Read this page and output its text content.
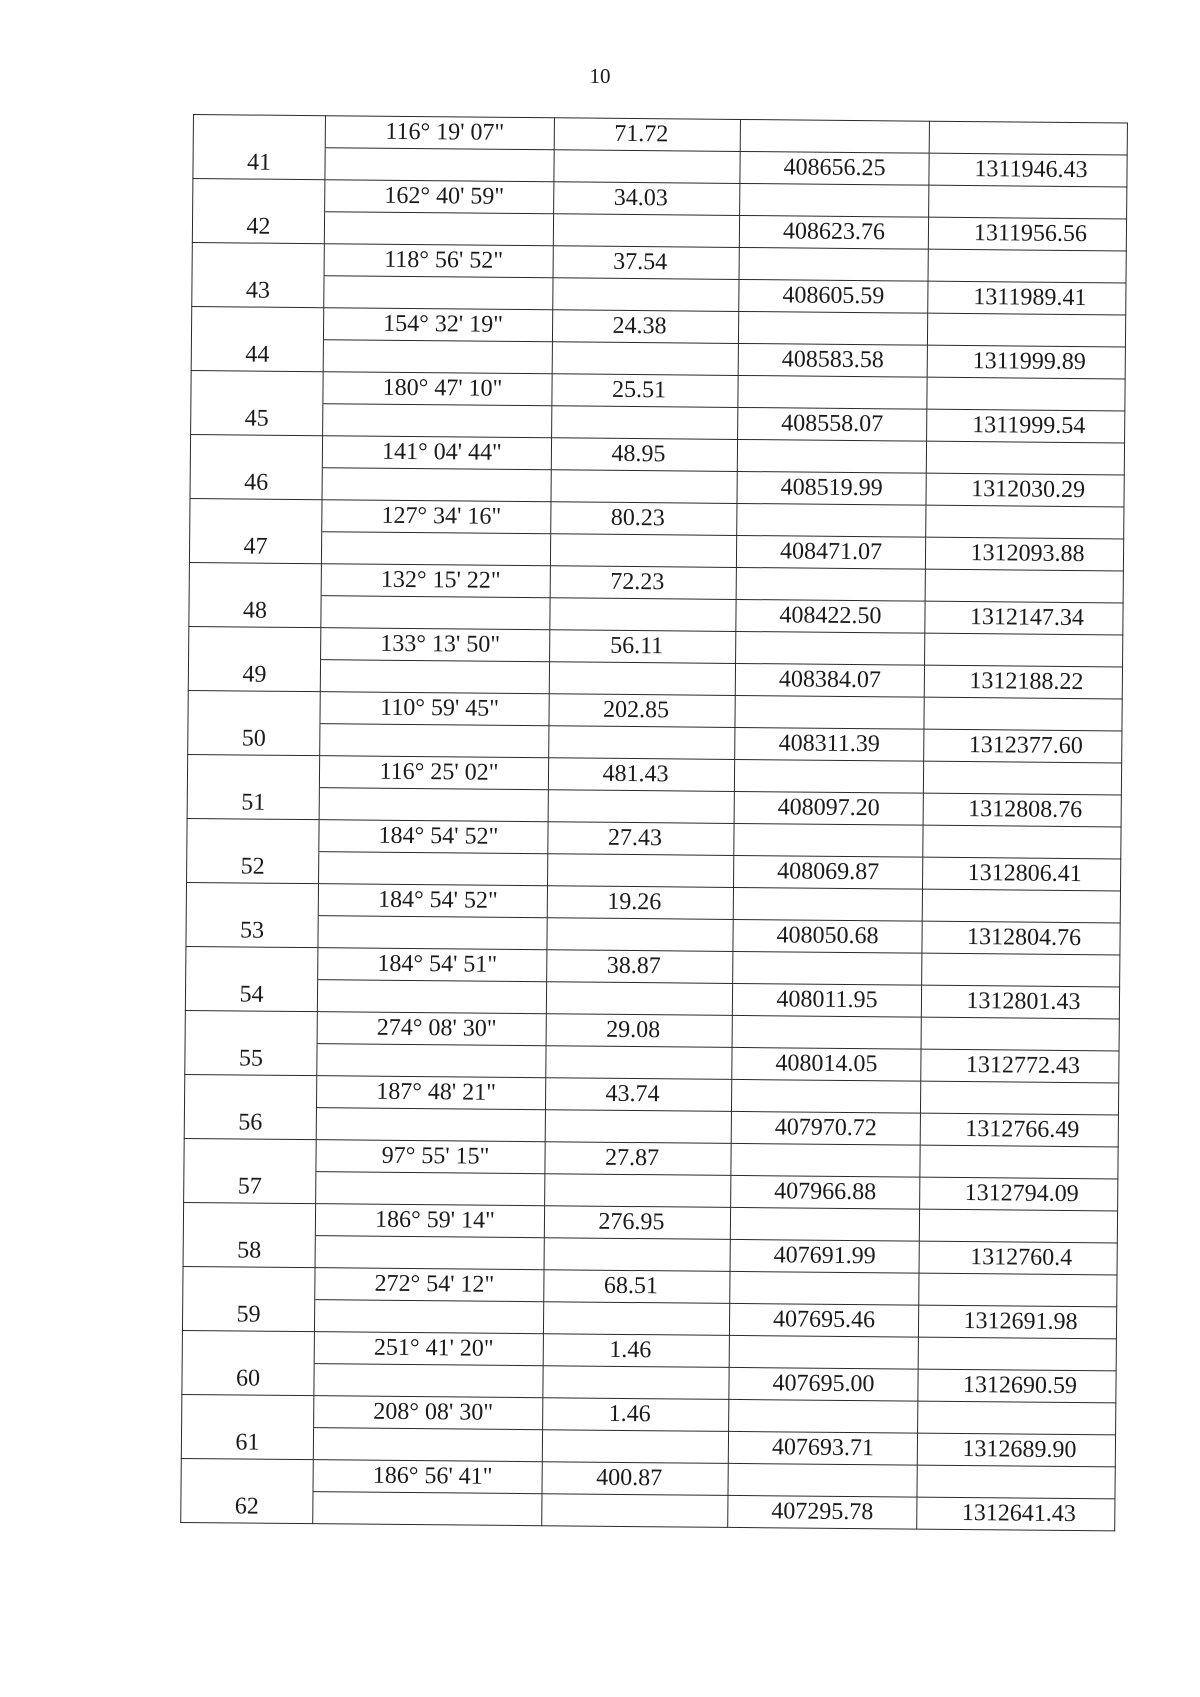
10
	116° 19' 07"	71.72		
41			408656.25	1311946.43
	162° 40' 59"	34.03		
42			408623.76	1311956.56
	118° 56' 52"	37.54		
43			408605.59	1311989.41
	154° 32' 19"	24.38		
44			408583.58	1311999.89
	180° 47' 10"	25.51		
45			408558.07	1311999.54
	141° 04' 44"	48.95		
46			408519.99	1312030.29
	127° 34' 16"	80.23		
47			408471.07	1312093.88
	132° 15' 22"	72.23		
48			408422.50	1312147.34
	133° 13' 50"	56.11		
49			408384.07	1312188.22
	110° 59' 45"	202.85		
50			408311.39	1312377.60
	116° 25' 02"	481.43		
51			408097.20	1312808.76
	184° 54' 52"	27.43		
52			408069.87	1312806.41
	184° 54' 52"	19.26		
53			408050.68	1312804.76
	184° 54' 51"	38.87		
54			408011.95	1312801.43
	274° 08' 30"	29.08		
55			408014.05	1312772.43
	187° 48' 21"	43.74		
56			407970.72	1312766.49
	97° 55' 15"	27.87		
57			407966.88	1312794.09
	186° 59' 14"	276.95		
58			407691.99	1312760.4
	272° 54' 12"	68.51		
59			407695.46	1312691.98
	251° 41' 20"	1.46		
60			407695.00	1312690.59
	208° 08' 30"	1.46		
61			407693.71	1312689.90
	186° 56' 41"	400.87		
62			407295.78	1312641.43
